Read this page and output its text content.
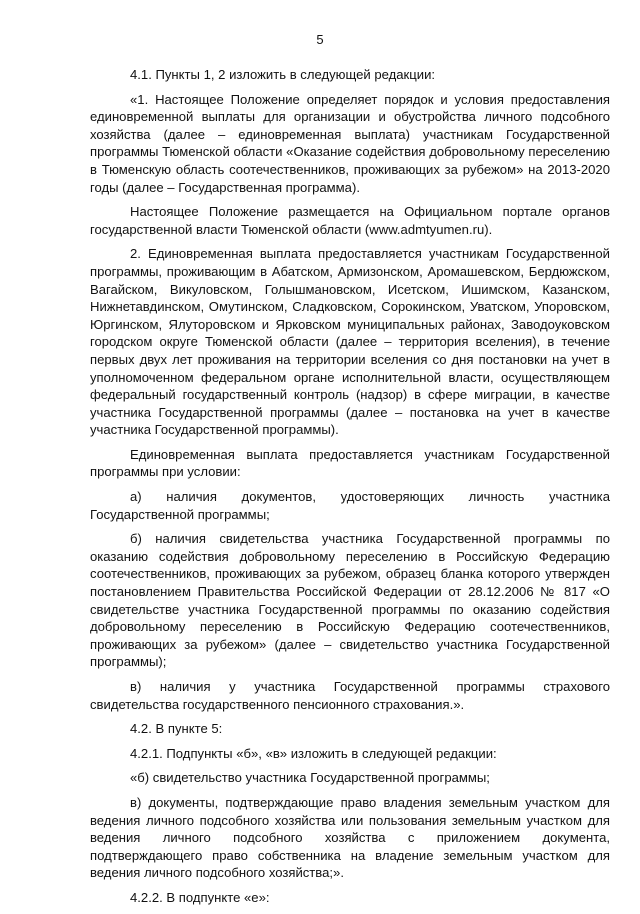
5

4.1. Пункты 1, 2 изложить в следующей редакции:

«1. Настоящее Положение определяет порядок и условия предоставления единовременной выплаты для организации и обустройства личного подсобного хозяйства (далее – единовременная выплата) участникам Государственной программы Тюменской области «Оказание содействия добровольному переселению в Тюменскую область соотечественников, проживающих за рубежом» на 2013-2020 годы (далее – Государственная программа).

Настоящее Положение размещается на Официальном портале органов государственной власти Тюменской области (www.admtyumen.ru).

2. Единовременная выплата предоставляется участникам Государственной программы, проживающим в Абатском, Армизонском, Аромашевском, Бердюжском, Вагайском, Викуловском, Голышмановском, Исетском, Ишимском, Казанском, Нижнетавдинском, Омутинском, Сладковском, Сорокинском, Уватском, Упоровском, Юргинском, Ялуторовском и Ярковском муниципальных районах, Заводоуковском городском округе Тюменской области (далее – территория вселения), в течение первых двух лет проживания на территории вселения со дня постановки на учет в уполномоченном федеральном органе исполнительной власти, осуществляющем федеральный государственный контроль (надзор) в сфере миграции, в качестве участника Государственной программы (далее – постановка на учет в качестве участника Государственной программы).

Единовременная выплата предоставляется участникам Государственной программы при условии:

а) наличия документов, удостоверяющих личность участника Государственной программы;

б) наличия свидетельства участника Государственной программы по оказанию содействия добровольному переселению в Российскую Федерацию соотечественников, проживающих за рубежом, образец бланка которого утвержден постановлением Правительства Российской Федерации от 28.12.2006 № 817 «О свидетельстве участника Государственной программы по оказанию содействия добровольному переселению в Российскую Федерацию соотечественников, проживающих за рубежом» (далее – свидетельство участника Государственной программы);

в) наличия у участника Государственной программы страхового свидетельства государственного пенсионного страхования.».

4.2. В пункте 5:

4.2.1. Подпункты «б», «в» изложить в следующей редакции:

«б) свидетельство участника Государственной программы;

в) документы, подтверждающие право владения земельным участком для ведения личного подсобного хозяйства или пользования земельным участком для ведения личного подсобного хозяйства с приложением документа, подтверждающего право собственника на владение земельным участком для ведения личного подсобного хозяйства;».

4.2.2. В подпункте «е»:
